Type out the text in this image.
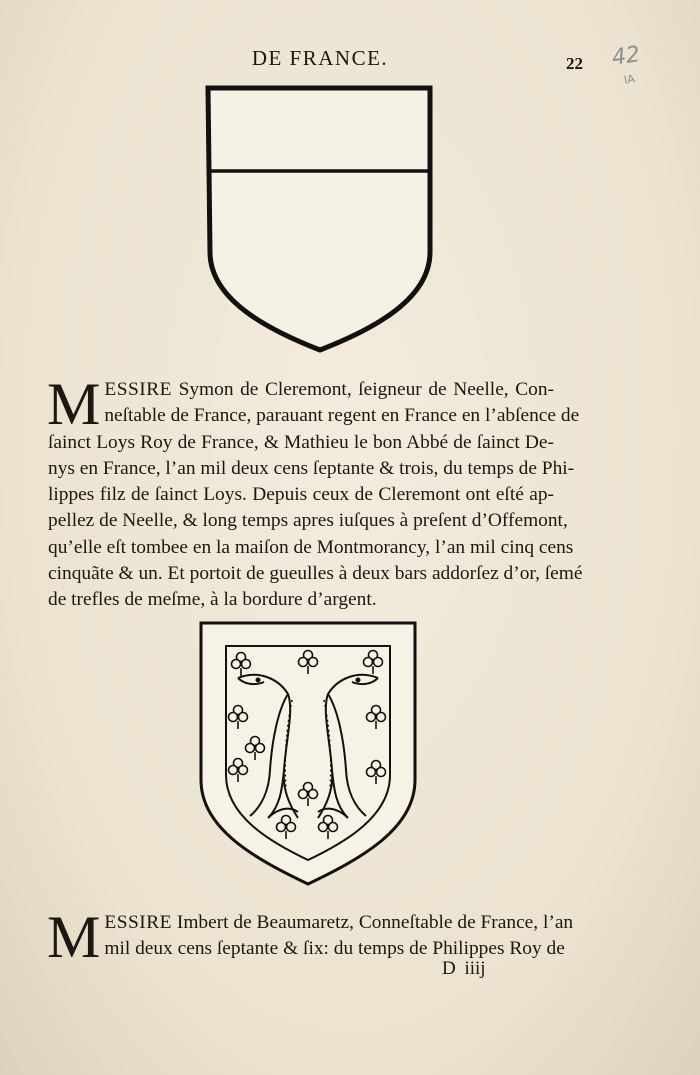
DE FRANCE.	22 42
IA
M ESSIRE Symon de Cleremont, ſeigneur de Neelle, Con-
neſtable de France, parauant regent en France en l’abſence de
ſainct Loys Roy de France, & Mathieu le bon Abbé de ſainct De-
nys en France, l’an mil deux cens ſeptante & trois, du temps de Phi-
lippes filz de ſainct Loys. Depuis ceux de Cleremont ont eſté ap-
pellez de Neelle, & long temps apres iuſques à preſent d’Offemont,
qu’elle eſt tombee en la maiſon de Montmorancy, l’an mil cinq cens
cinquãte & un. Et portoit de gueulles à deux bars addorſez d’or, ſemé
de trefles de meſme, à la bordure d’argent.
M ESSIRE Imbert de Beaumaretz, Conneſtable de France, l’an
mil deux cens ſeptante & ſix: du temps de Philippes Roy de
D iiij
